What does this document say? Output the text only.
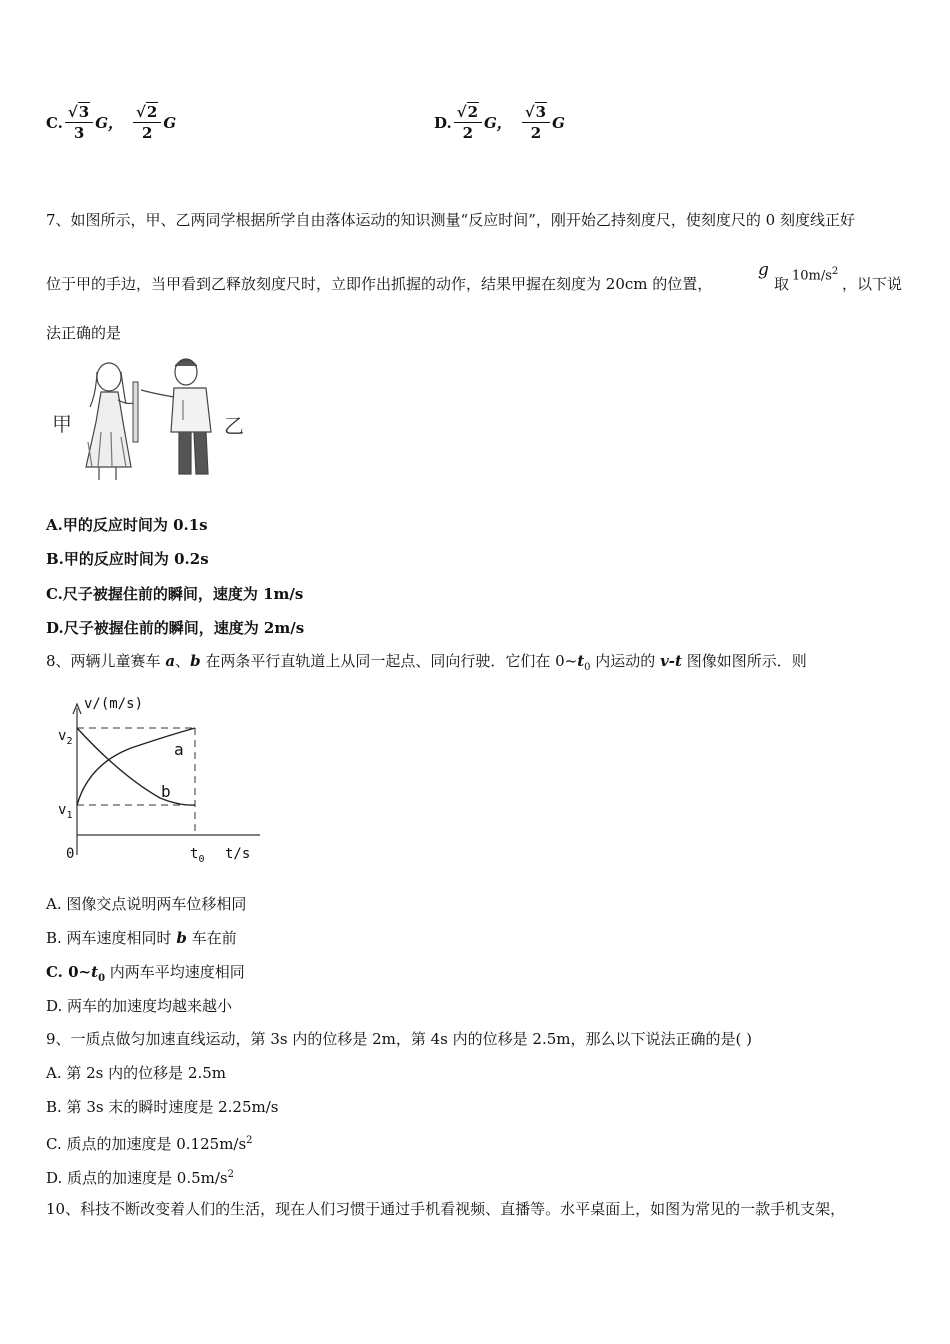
C. $\frac{√3}{3}$ G， $\frac{√2}{2}$ G	D. $\frac{√2}{2}$ G， $\frac{√3}{2}$ G
7、如图所示，甲、乙两同学根据所学自由落体运动的知识测量“反应时间”，刚开始乙持刻度尺，使刻度尺的 0 刻度线正好
位于甲的手边，当甲看到乙释放刻度尺时，立即作出抓握的动作，结果甲握在刻度为 20cm 的位置，
g
取 $10m/s^2$
，以下说
法正确的是
甲	乙
A.甲的反应时间为 0.1s
B.甲的反应时间为 0.2s
C.尺子被握住前的瞬间，速度为 1m/s
D.尺子被握住前的瞬间，速度为 2m/s
8、两辆儿童赛车 a、b 在两条平行直轨道上从同一起点、同向行驶．它们在 $0\sim t_0$ 内运动的 v-t 图像如图所示．则
v/(m/s)
$v_2$
$v_1$
0	$t_0$ t/s
a
b
A. 图像交点说明两车位移相同
B. 两车速度相同时 b 车在前
C. $0\sim t_0$ 内两车平均速度相同
D. 两车的加速度均越来越小
9、一质点做匀加速直线运动，第 3s 内的位移是 2m，第 4s 内的位移是 2.5m，那么以下说法正确的是( )
A. 第 2s 内的位移是 2.5m
B. 第 3s 末的瞬时速度是 2.25m/s
C. 质点的加速度是 $0.125m/s^2$
D. 质点的加速度是 $0.5m/s^2$
10、科技不断改变着人们的生活，现在人们习惯于通过手机看视频、直播等。水平桌面上，如图为常见的一款手机支架，
